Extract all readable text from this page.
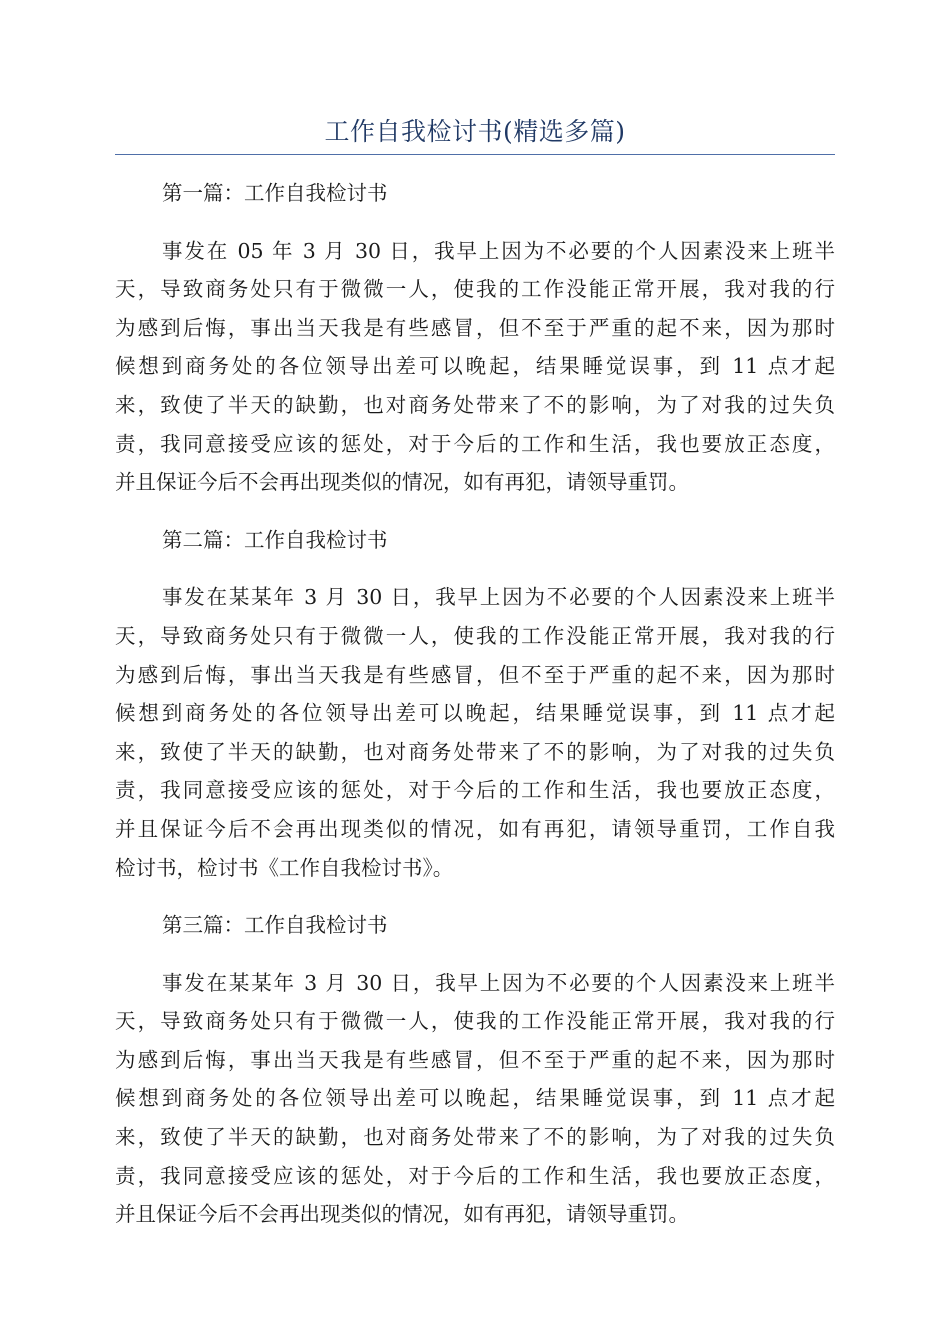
工作自我检讨书(精选多篇)
第一篇：工作自我检讨书
事发在 05 年 3 月 30 日，我早上因为不必要的个人因素没来上班半
天，导致商务处只有于微微一人，使我的工作没能正常开展，我对我的行
为感到后悔，事出当天我是有些感冒，但不至于严重的起不来，因为那时
候想到商务处的各位领导出差可以晚起，结果睡觉误事，到 11 点才起
来，致使了半天的缺勤，也对商务处带来了不的影响，为了对我的过失负
责，我同意接受应该的惩处，对于今后的工作和生活，我也要放正态度，
并且保证今后不会再出现类似的情况，如有再犯，请领导重罚。
第二篇：工作自我检讨书
事发在某某年 3 月 30 日，我早上因为不必要的个人因素没来上班半
天，导致商务处只有于微微一人，使我的工作没能正常开展，我对我的行
为感到后悔，事出当天我是有些感冒，但不至于严重的起不来，因为那时
候想到商务处的各位领导出差可以晚起，结果睡觉误事，到 11 点才起
来，致使了半天的缺勤，也对商务处带来了不的影响，为了对我的过失负
责，我同意接受应该的惩处，对于今后的工作和生活，我也要放正态度，
并且保证今后不会再出现类似的情况，如有再犯，请领导重罚，工作自我
检讨书，检讨书《工作自我检讨书》。
第三篇：工作自我检讨书
事发在某某年 3 月 30 日，我早上因为不必要的个人因素没来上班半
天，导致商务处只有于微微一人，使我的工作没能正常开展，我对我的行
为感到后悔，事出当天我是有些感冒，但不至于严重的起不来，因为那时
候想到商务处的各位领导出差可以晚起，结果睡觉误事，到 11 点才起
来，致使了半天的缺勤，也对商务处带来了不的影响，为了对我的过失负
责，我同意接受应该的惩处，对于今后的工作和生活，我也要放正态度，
并且保证今后不会再出现类似的情况，如有再犯，请领导重罚。
